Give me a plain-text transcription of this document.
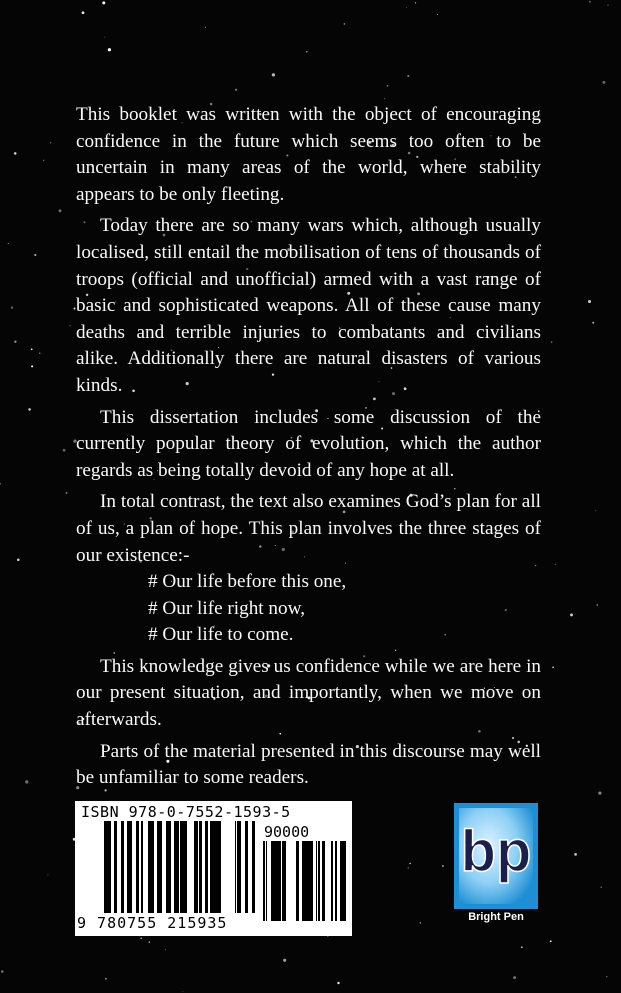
This booklet was written with the object of encouraging confidence in the future which seems too often to be uncertain in many areas of the world, where stability appears to be only fleeting.

Today there are so many wars which, although usually localised, still entail the mobilisation of tens of thousands of troops (official and unofficial) armed with a vast range of basic and sophisticated weapons. All of these cause many deaths and terrible injuries to combatants and civilians alike. Additionally there are natural disasters of various kinds.

This dissertation includes some discussion of the currently popular theory of evolution, which the author regards as being totally devoid of any hope at all.

In total contrast, the text also examines God’s plan for all of us, a plan of hope. This plan involves the three stages of our existence:-

# Our life before this one,

# Our life right now,

# Our life to come.

This knowledge gives us confidence while we are here in our present situation, and importantly, when we move on afterwards.

Parts of the material presented in this discourse may well be unfamiliar to some readers.

ISBN 978-0-7552-1593-5
90000
9 780755 215935
bp
Bright Pen
